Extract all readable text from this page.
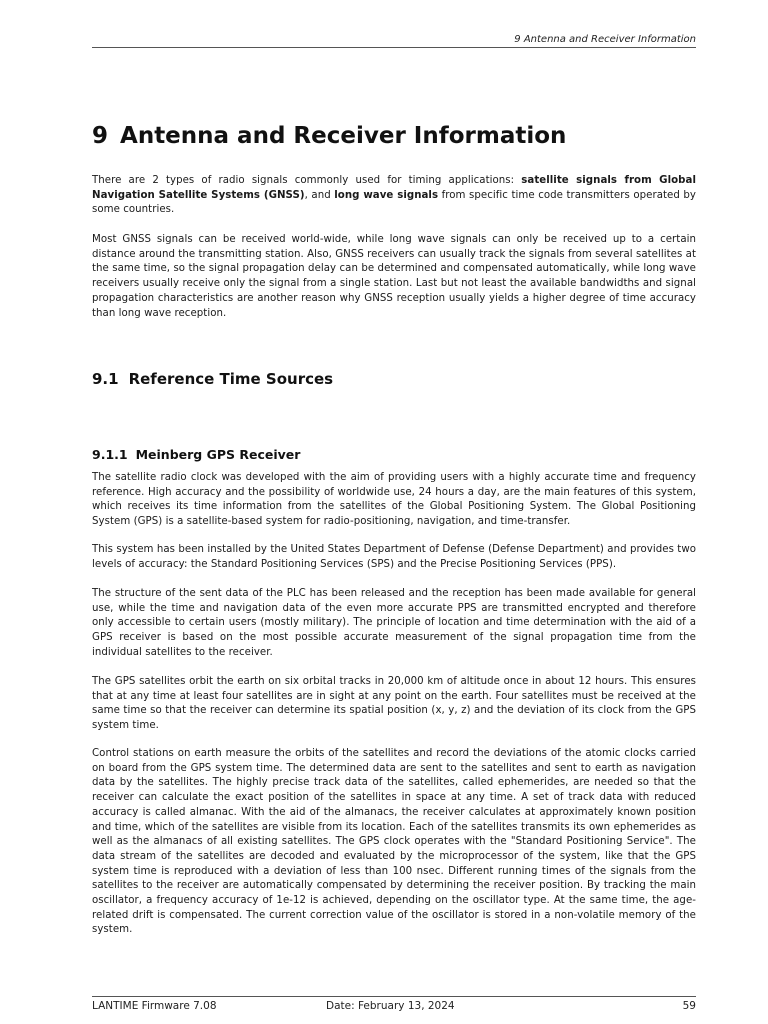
9 Antenna and Receiver Information
9 Antenna and Receiver Information

There are 2 types of radio signals commonly used for timing applications: satellite signals from Global Navigation Satellite Systems (GNSS), and long wave signals from specific time code transmitters operated by some countries.

Most GNSS signals can be received world-wide, while long wave signals can only be received up to a certain distance around the transmitting station. Also, GNSS receivers can usually track the signals from several satellites at the same time, so the signal propagation delay can be determined and compensated automatically, while long wave receivers usually receive only the signal from a single station. Last but not least the available bandwidths and signal propagation characteristics are another reason why GNSS reception usually yields a higher degree of time accuracy than long wave reception.

9.1 Reference Time Sources
9.1.1 Meinberg GPS Receiver

The satellite radio clock was developed with the aim of providing users with a highly accurate time and frequency reference. High accuracy and the possibility of worldwide use, 24 hours a day, are the main features of this system, which receives its time information from the satellites of the Global Positioning System. The Global Positioning System (GPS) is a satellite-based system for radio-positioning, navigation, and time-transfer.

This system has been installed by the United States Department of Defense (Defense Department) and provides two levels of accuracy: the Standard Positioning Services (SPS) and the Precise Positioning Services (PPS).

The structure of the sent data of the PLC has been released and the reception has been made available for general use, while the time and navigation data of the even more accurate PPS are transmitted encrypted and therefore only accessible to certain users (mostly military). The principle of location and time determination with the aid of a GPS receiver is based on the most possible accurate measurement of the signal propagation time from the individual satellites to the receiver.

The GPS satellites orbit the earth on six orbital tracks in 20,000 km of altitude once in about 12 hours. This ensures that at any time at least four satellites are in sight at any point on the earth. Four satellites must be received at the same time so that the receiver can determine its spatial position (x, y, z) and the deviation of its clock from the GPS system time.

Control stations on earth measure the orbits of the satellites and record the deviations of the atomic clocks carried on board from the GPS system time. The determined data are sent to the satellites and sent to earth as navigation data by the satellites. The highly precise track data of the satellites, called ephemerides, are needed so that the receiver can calculate the exact position of the satellites in space at any time. A set of track data with reduced accuracy is called almanac. With the aid of the almanacs, the receiver calculates at approximately known position and time, which of the satellites are visible from its location. Each of the satellites transmits its own ephemerides as well as the almanacs of all existing satellites. The GPS clock operates with the "Standard Positioning Service". The data stream of the satellites are decoded and evaluated by the microprocessor of the system, like that the GPS system time is reproduced with a deviation of less than 100 nsec. Different running times of the signals from the satellites to the receiver are automatically compensated by determining the receiver position. By tracking the main oscillator, a frequency accuracy of 1e-12 is achieved, depending on the oscillator type. At the same time, the age-related drift is compensated. The current correction value of the oscillator is stored in a non-volatile memory of the system.

LANTIME Firmware 7.08	Date: February 13, 2024	59
